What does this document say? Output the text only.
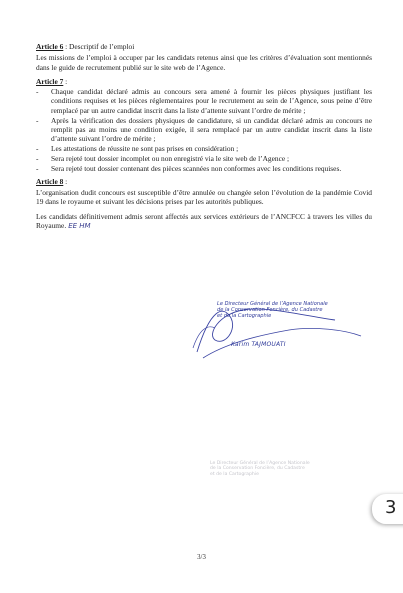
Article 6 : Descriptif de l’emploi

Les missions de l’emploi à occuper par les candidats retenus ainsi que les critères d’évaluation sont mentionnés dans le guide de recrutement publié sur le site web de l’Agence.

Article 7 :

- Chaque candidat déclaré admis au concours sera amené à fournir les pièces physiques justifiant les conditions requises et les pièces réglementaires pour le recrutement au sein de l’Agence, sous peine d’être remplacé par un autre candidat inscrit dans la liste d’attente suivant l’ordre de mérite ;
- Après la vérification des dossiers physiques de candidature, si un candidat déclaré admis au concours ne remplit pas au moins une condition exigée, il sera remplacé par un autre candidat inscrit dans la liste d’attente suivant l’ordre de mérite ;
- Les attestations de réussite ne sont pas prises en considération ;
- Sera rejeté tout dossier incomplet ou non enregistré via le site web de l’Agence ;
- Sera rejeté tout dossier contenant des pièces scannées non conformes avec les conditions requises.

Article 8 :

L’organisation dudit concours est susceptible d’être annulée ou changée selon l’évolution de la pandémie Covid 19 dans le royaume et suivant les décisions prises par les autorités publiques.

Les candidats définitivement admis seront affectés aux services extérieurs de l’ANCFCC à travers les villes du Royaume. EE HM

Le Directeur Général de l’Agence Nationale
de la Conservation Foncière, du Cadastre
et de la Cartographie
Karim TAJMOUATI
Le Directeur Général de l’Agence Nationale
de la Conservation Foncière, du Cadastre
et de la Cartographie
3
3/3
